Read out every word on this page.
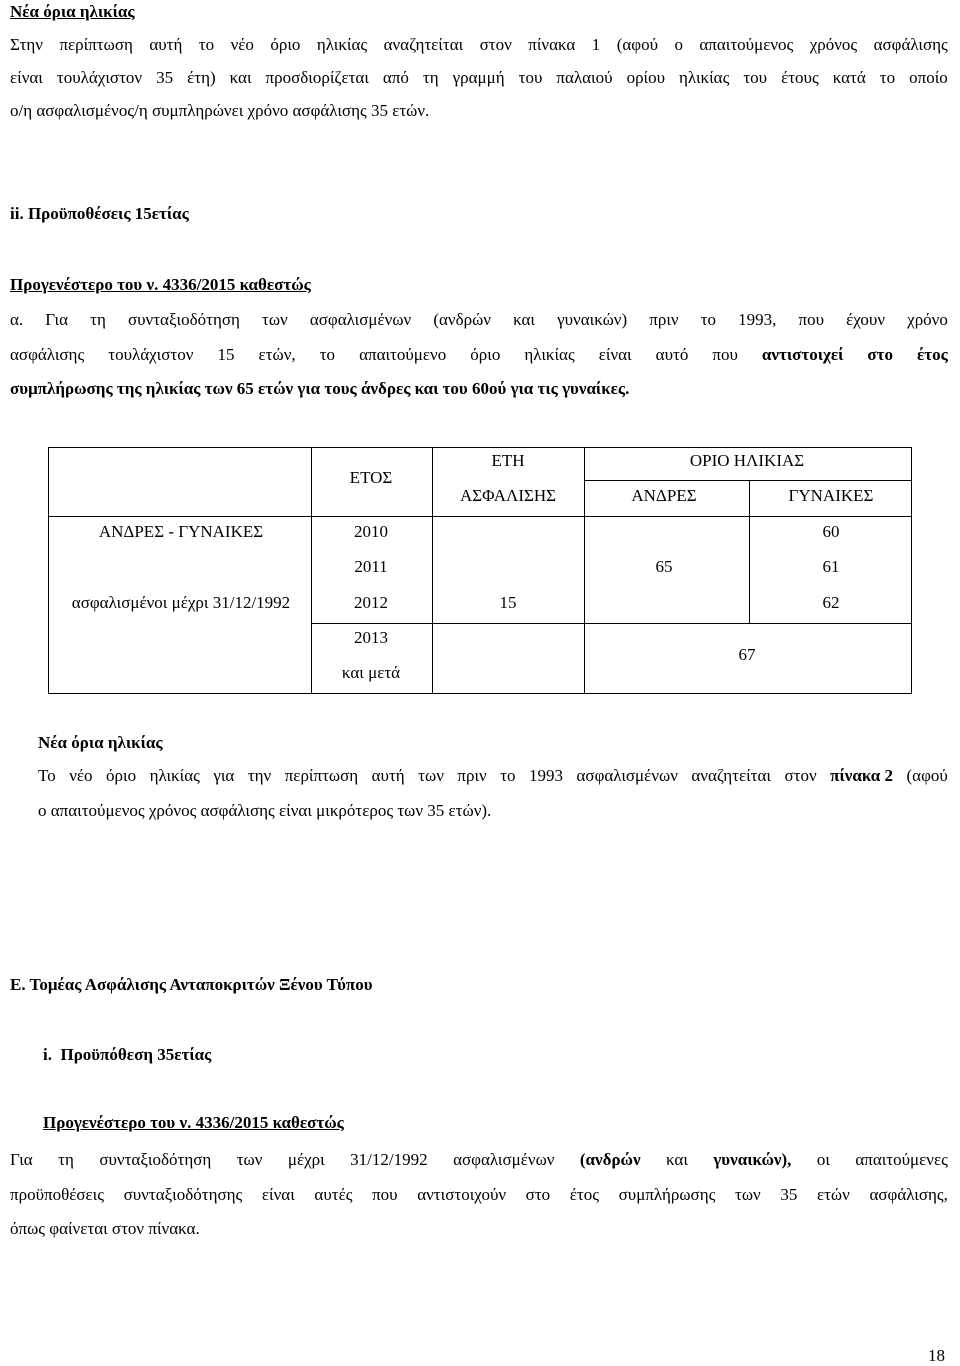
Νέα όρια ηλικίας
Στην περίπτωση αυτή το νέο όριο ηλικίας αναζητείται στον πίνακα 1 (αφού ο απαιτούμενος χρόνος ασφάλισης
είναι τουλάχιστον 35 έτη) και προσδιορίζεται από τη γραμμή του παλαιού ορίου ηλικίας του έτους κατά το οποίο
ο/η ασφαλισμένος/η συμπληρώνει χρόνο ασφάλισης 35 ετών.
ii. Προϋποθέσεις 15ετίας
Προγενέστερο του ν. 4336/2015 καθεστώς
α. Για τη συνταξιοδότηση των ασφαλισμένων (ανδρών και γυναικών) πριν το 1993, που έχουν χρόνο
ασφάλισης τουλάχιστον 15 ετών, το απαιτούμενο όριο ηλικίας είναι αυτό που αντιστοιχεί στο έτος
συμπλήρωσης της ηλικίας των 65 ετών για τους άνδρες και του 60ού για τις γυναίκες.
ΕΤΟΣ
ΕΤΗ
ΑΣΦΑΛΙΣΗΣ
ΟΡΙΟ ΗΛΙΚΙΑΣ
ΑΝΔΡΕΣ	ΓΥΝΑΙΚΕΣ
ΑΝΔΡΕΣ - ΓΥΝΑΙΚΕΣ
ασφαλισμένοι μέχρι 31/12/1992
2010
2011
2012
2013
και μετά
15
65
60
61
62
67
Νέα όρια ηλικίας
Το νέο όριο ηλικίας για την περίπτωση αυτή των πριν το 1993 ασφαλισμένων αναζητείται στον πίνακα 2 (αφού
ο απαιτούμενος χρόνος ασφάλισης είναι μικρότερος των 35 ετών).
Ε. Τομέας Ασφάλισης Ανταποκριτών Ξένου Τύπου
i.  Προϋπόθεση 35ετίας
Προγενέστερο του ν. 4336/2015 καθεστώς
Για τη συνταξιοδότηση των μέχρι 31/12/1992 ασφαλισμένων (ανδρών και γυναικών), οι απαιτούμενες
προϋποθέσεις συνταξιοδότησης είναι αυτές που αντιστοιχούν στο έτος συμπλήρωσης των 35 ετών ασφάλισης,
όπως φαίνεται στον πίνακα.
18
